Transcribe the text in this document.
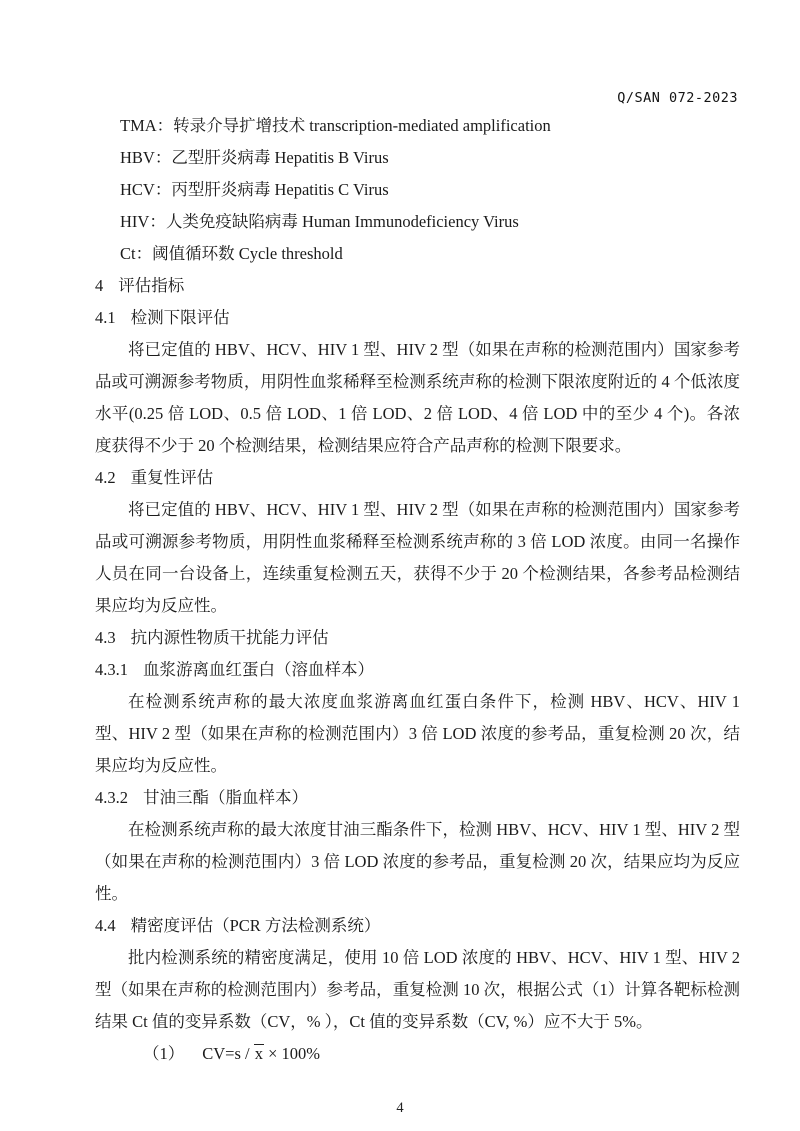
Q/SAN 072-2023

TMA：转录介导扩增技术 transcription-mediated amplification

HBV：乙型肝炎病毒 Hepatitis B Virus

HCV：丙型肝炎病毒 Hepatitis C Virus

HIV：人类免疫缺陷病毒 Human Immunodeficiency Virus

Ct：阈值循环数 Cycle threshold

4 评估指标
4.1 检测下限评估

将已定值的 HBV、HCV、HIV 1 型、HIV 2 型（如果在声称的检测范围内）国家参考品或可溯源参考物质，用阴性血浆稀释至检测系统声称的检测下限浓度附近的 4 个低浓度水平(0.25 倍 LOD、0.5 倍 LOD、1 倍 LOD、2 倍 LOD、4 倍 LOD 中的至少 4 个)。各浓度获得不少于 20 个检测结果，检测结果应符合产品声称的检测下限要求。

4.2 重复性评估

将已定值的 HBV、HCV、HIV 1 型、HIV 2 型（如果在声称的检测范围内）国家参考品或可溯源参考物质，用阴性血浆稀释至检测系统声称的 3 倍 LOD 浓度。由同一名操作人员在同一台设备上，连续重复检测五天，获得不少于 20 个检测结果，各参考品检测结果应均为反应性。

4.3 抗内源性物质干扰能力评估
4.3.1 血浆游离血红蛋白（溶血样本）

在检测系统声称的最大浓度血浆游离血红蛋白条件下，检测 HBV、HCV、HIV 1 型、HIV 2 型（如果在声称的检测范围内）3 倍 LOD 浓度的参考品，重复检测 20 次，结果应均为反应性。

4.3.2 甘油三酯（脂血样本）

在检测系统声称的最大浓度甘油三酯条件下，检测 HBV、HCV、HIV 1 型、HIV 2 型（如果在声称的检测范围内）3 倍 LOD 浓度的参考品，重复检测 20 次，结果应均为反应性。

4.4 精密度评估（PCR 方法检测系统）

批内检测系统的精密度满足，使用 10 倍 LOD 浓度的 HBV、HCV、HIV 1 型、HIV 2 型（如果在声称的检测范围内）参考品，重复检测 10 次，根据公式（1）计算各靶标检测结果 Ct 值的变异系数（CV，% ），Ct 值的变异系数（CV, %）应不大于 5%。

（1） CV=s / x × 100%
4
